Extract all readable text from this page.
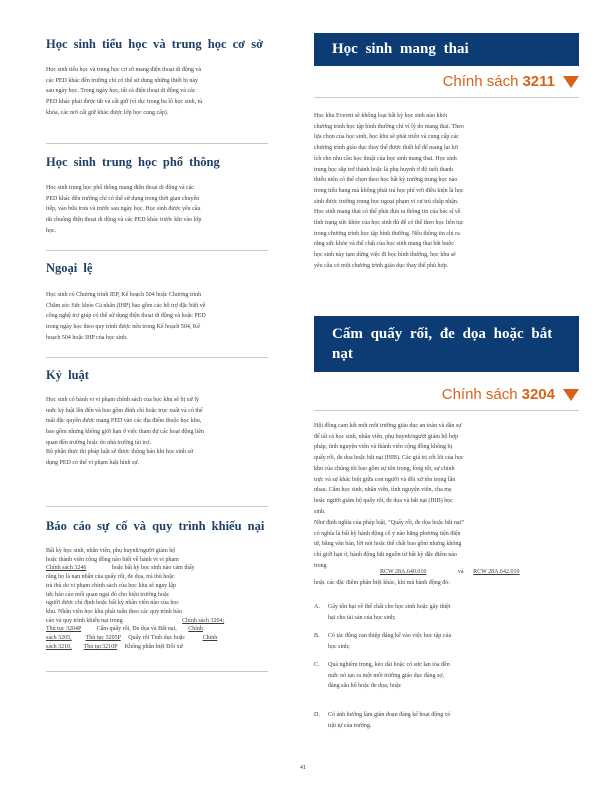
Học sinh tiểu học và trung học cơ sở

Học sinh tiểu học và trung học cơ sở mang điện thoại di động và các PED khác đến trường chỉ có thể sử dụng những thiết bị này sau ngày học. Trong ngày học, tất cả điện thoại di động và các PED khác phải được tắt và cất giữ (ví dụ: trong ba lô học sinh, tủ khóa, các nơi cất giữ khác được lớp học cung cấp).

Học sinh trung học phổ thông

Học sinh trung học phổ thông mang điện thoại di động và các PED khác đến trường chỉ có thể sử dụng trong thời gian chuyển tiếp, vào bữa trưa và trước sau ngày học. Học sinh được yêu cầu tắt chuông điện thoại di động và các PED khác trước khi vào lớp học.

Ngoại lệ

Học sinh có Chương trình IEP, Kế hoạch 504 hoặc Chương trình Chăm sóc Sức khỏe Cá nhân (IHP) bao gồm các hỗ trợ đặc biệt về công nghệ trợ giúp có thể sử dụng điện thoại di động và hoặc PED trong ngày học theo quy trình được nêu trong Kế hoạch 504, Kế hoạch 504 hoặc IHP của học sinh.

Kỷ luật

Học sinh có hành vi vi phạm chính sách của học khu sẽ bị xử lý mức kỷ luật lên đến và bao gồm đình chỉ hoặc trục xuất và có thể mất đặc quyền được mang PED vào các địa điểm thuộc học khu, bao gồm nhưng không giới hạn ở việc tham dự các hoạt động liên quan đến trường hoặc do nhà trường tài trợ.

Bộ phận thực thi pháp luật sẽ được thông báo khi học sinh sử dụng PED có thể vi phạm luật hình sự.

Báo cáo sự cố và quy trình khiếu nại
Bất kỳ học sinh, nhân viên, phụ huynh/người giám hộ
hoặc thành viên cộng đồng nào biết về hành vi vi phạm
Chính sách 3246	hoặc bất kỳ học sinh nào cảm thấy
rằng họ là nạn nhân của quấy rối, đe dọa, trả thù hoặc
trả thù do vi phạm chính sách của học khu sẽ ngay lập
tức báo cáo mối quan ngại đó cho hiệu trưởng hoặc
người được chỉ định hoặc bất kỳ nhân viên nào của học
khu. Nhân viên học khu phải tuân theo các quy trình báo
cáo và quy trình khiếu nại trong	Chính sách 3204;
Thủ tục 3204P	Cấm quấy rối, Đe dọa và Bắt nạt, Chính
sách 3205, Thủ tục 3205P Quấy rối Tình dục hoặc	Chính
sách 3210, Thủ tục3210P Không phân biệt Đối xử
Học sinh mang thai
Chính sách 3211

Học khu Everett sẽ không loại bất kỳ học sinh nào khỏi chương trình học tập bình thường chỉ vì lý do mang thai. Theo lựa chọn của học sinh, học khu sẽ phát triển và cung cấp các chương trình giáo dục thay thế được thiết kế để mang lại lợi ích cho nhu cầu học thuật của học sinh mang thai. Học sinh trung học sắp trở thành hoặc là phụ huynh ở độ tuổi thanh thiếu niên có thể chọn theo học bất kỳ trường trung học nào trong tiểu bang mà không phải trả học phí với điều kiện là học sinh được trường trung học ngoại phạm vi cư trú chấp nhận. Học sinh mang thai có thể phải đưa ra thông tin của bác sĩ về tình trạng sức khỏe của học sinh đủ để có thể theo học liên tục trong chương trình học tập bình thường. Nếu thông tin chỉ ra rằng sức khỏe và thể chất của học sinh mang thai bắt buộc học sinh này tạm dừng việc đi học bình thường, học khu sẽ yêu cầu có một chương trình giáo dục thay thế phù hợp.

Cấm quấy rối, đe dọa hoặc bắt
nạt
Chính sách 3204

Hội đồng cam kết một môi trường giáo dục an toàn và dân sự để tất cả học sinh, nhân viên, phụ huynh/người giám hộ hợp pháp, tình nguyện viên và thành viên cộng đồng không bị quấy rối, đe dọa hoặc bắt nạt (HIB). Các giá trị cốt lõi của học khu của chúng tôi bao gồm sự tôn trọng, lòng tốt, sự chính trực và sự khác biệt giữa con người và đối xử tôn trọng lẫn nhau. Cấm học sinh, nhân viên, tình nguyện viên, cha mẹ hoặc người giám hộ quấy rối, đe dọa và bắt nạt (HIB) học sinh.

Như định nghĩa của pháp luật, “Quấy rối, đe dọa hoặc bắt nạt” có nghĩa là bất kỳ hành động cố ý nào bằng phương tiện điện tử, bằng văn bản, lời nói hoặc thể chất bao gồm nhưng không chỉ giới hạn ở, hành động bắt nguồn từ bất kỳ đặc điểm nào trong

RCW 28A.640.010	và RCW 28A.642.010

hoặc các đặc điểm phân biệt khác, khi mà hành động đó:

A. Gây tổn hại về thể chất cho học sinh hoặc gây thiệt hại cho tài sản của học sinh;
B. Có tác động can thiệp đáng kể vào việc học tập của học sinh;
C. Quá nghiêm trọng, kéo dài hoặc có sức lan tỏa đến mức nó tạo ra một môi trường giáo dục đáng sợ, đáng sấu hổ hoặc đe dọa; hoặc
D. Có ảnh hưởng làm gián đoạn đáng kể hoạt động có trật tự của trường.
41
